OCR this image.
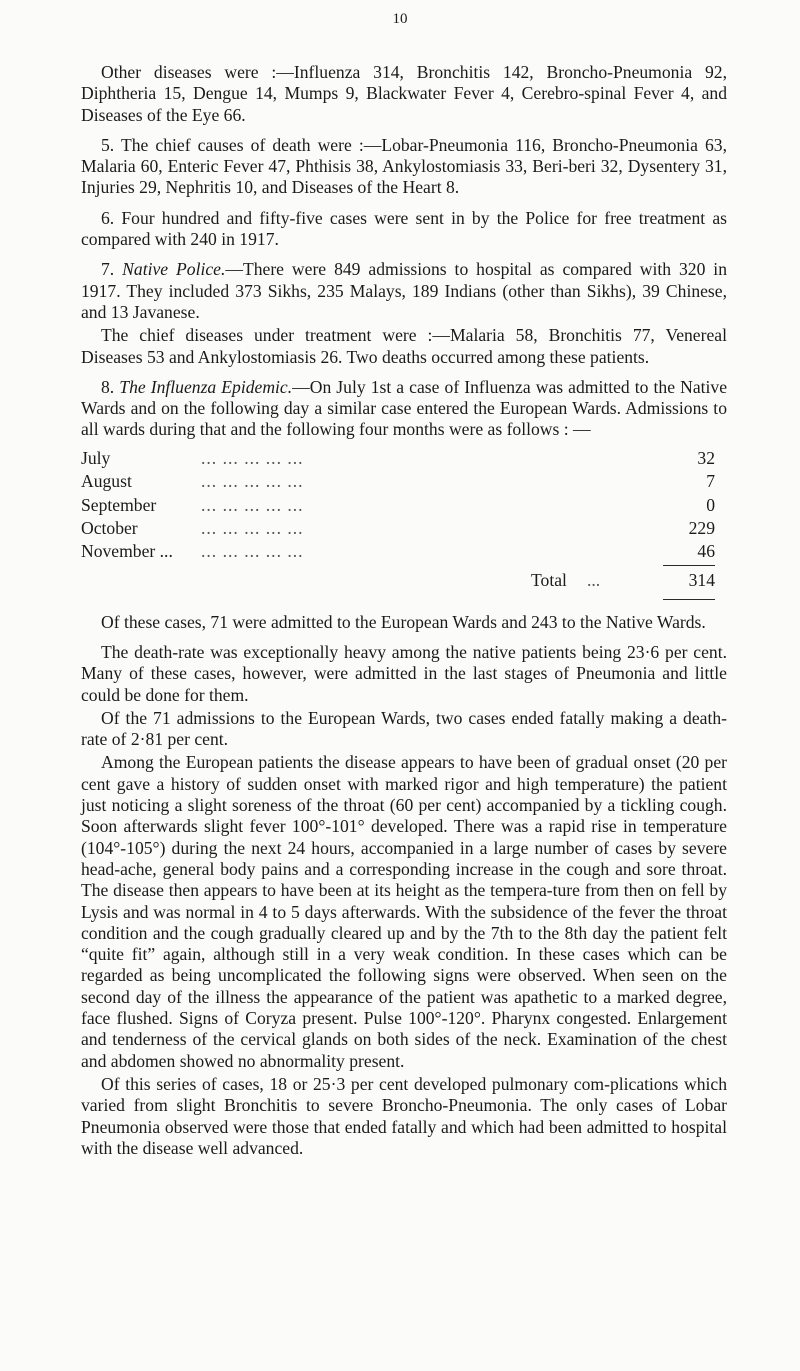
10

Other diseases were :—Influenza 314, Bronchitis 142, Broncho-Pneumonia 92, Diphtheria 15, Dengue 14, Mumps 9, Blackwater Fever 4, Cerebro-spinal Fever 4, and Diseases of the Eye 66.

5. The chief causes of death were :—Lobar-Pneumonia 116, Broncho-Pneumonia 63, Malaria 60, Enteric Fever 47, Phthisis 38, Ankylostomiasis 33, Beri-beri 32, Dysentery 31, Injuries 29, Nephritis 10, and Diseases of the Heart 8.

6. Four hundred and fifty-five cases were sent in by the Police for free treatment as compared with 240 in 1917.

7. Native Police.—There were 849 admissions to hospital as compared with 320 in 1917. They included 373 Sikhs, 235 Malays, 189 Indians (other than Sikhs), 39 Chinese, and 13 Javanese.

The chief diseases under treatment were :—Malaria 58, Bronchitis 77, Venereal Diseases 53 and Ankylostomiasis 26. Two deaths occurred among these patients.

8. The Influenza Epidemic.—On July 1st a case of Influenza was admitted to the Native Wards and on the following day a similar case entered the European Wards. Admissions to all wards during that and the following four months were as follows : —

July	... ... ... ... ...	32
August	... ... ... ... ...	7
September	... ... ... ... ...	0
October	... ... ... ... ...	229
November ... ... ... ... ... ...	46
Total ...	314

Of these cases, 71 were admitted to the European Wards and 243 to the Native Wards.

The death-rate was exceptionally heavy among the native patients being 23·6 per cent. Many of these cases, however, were admitted in the last stages of Pneumonia and little could be done for them.

Of the 71 admissions to the European Wards, two cases ended fatally making a death-rate of 2·81 per cent.

Among the European patients the disease appears to have been of gradual onset (20 per cent gave a history of sudden onset with marked rigor and high temperature) the patient just noticing a slight soreness of the throat (60 per cent) accompanied by a tickling cough. Soon afterwards slight fever 100°-101° developed. There was a rapid rise in temperature (104°-105°) during the next 24 hours, accompanied in a large number of cases by severe head-ache, general body pains and a corresponding increase in the cough and sore throat. The disease then appears to have been at its height as the tempera-ture from then on fell by Lysis and was normal in 4 to 5 days afterwards. With the subsidence of the fever the throat condition and the cough gradually cleared up and by the 7th to the 8th day the patient felt “quite fit” again, although still in a very weak condition. In these cases which can be regarded as being uncomplicated the following signs were observed. When seen on the second day of the illness the appearance of the patient was apathetic to a marked degree, face flushed. Signs of Coryza present. Pulse 100°-120°. Pharynx congested. Enlargement and tenderness of the cervical glands on both sides of the neck. Examination of the chest and abdomen showed no abnormality present.

Of this series of cases, 18 or 25·3 per cent developed pulmonary com-plications which varied from slight Bronchitis to severe Broncho-Pneumonia. The only cases of Lobar Pneumonia observed were those that ended fatally and which had been admitted to hospital with the disease well advanced.
